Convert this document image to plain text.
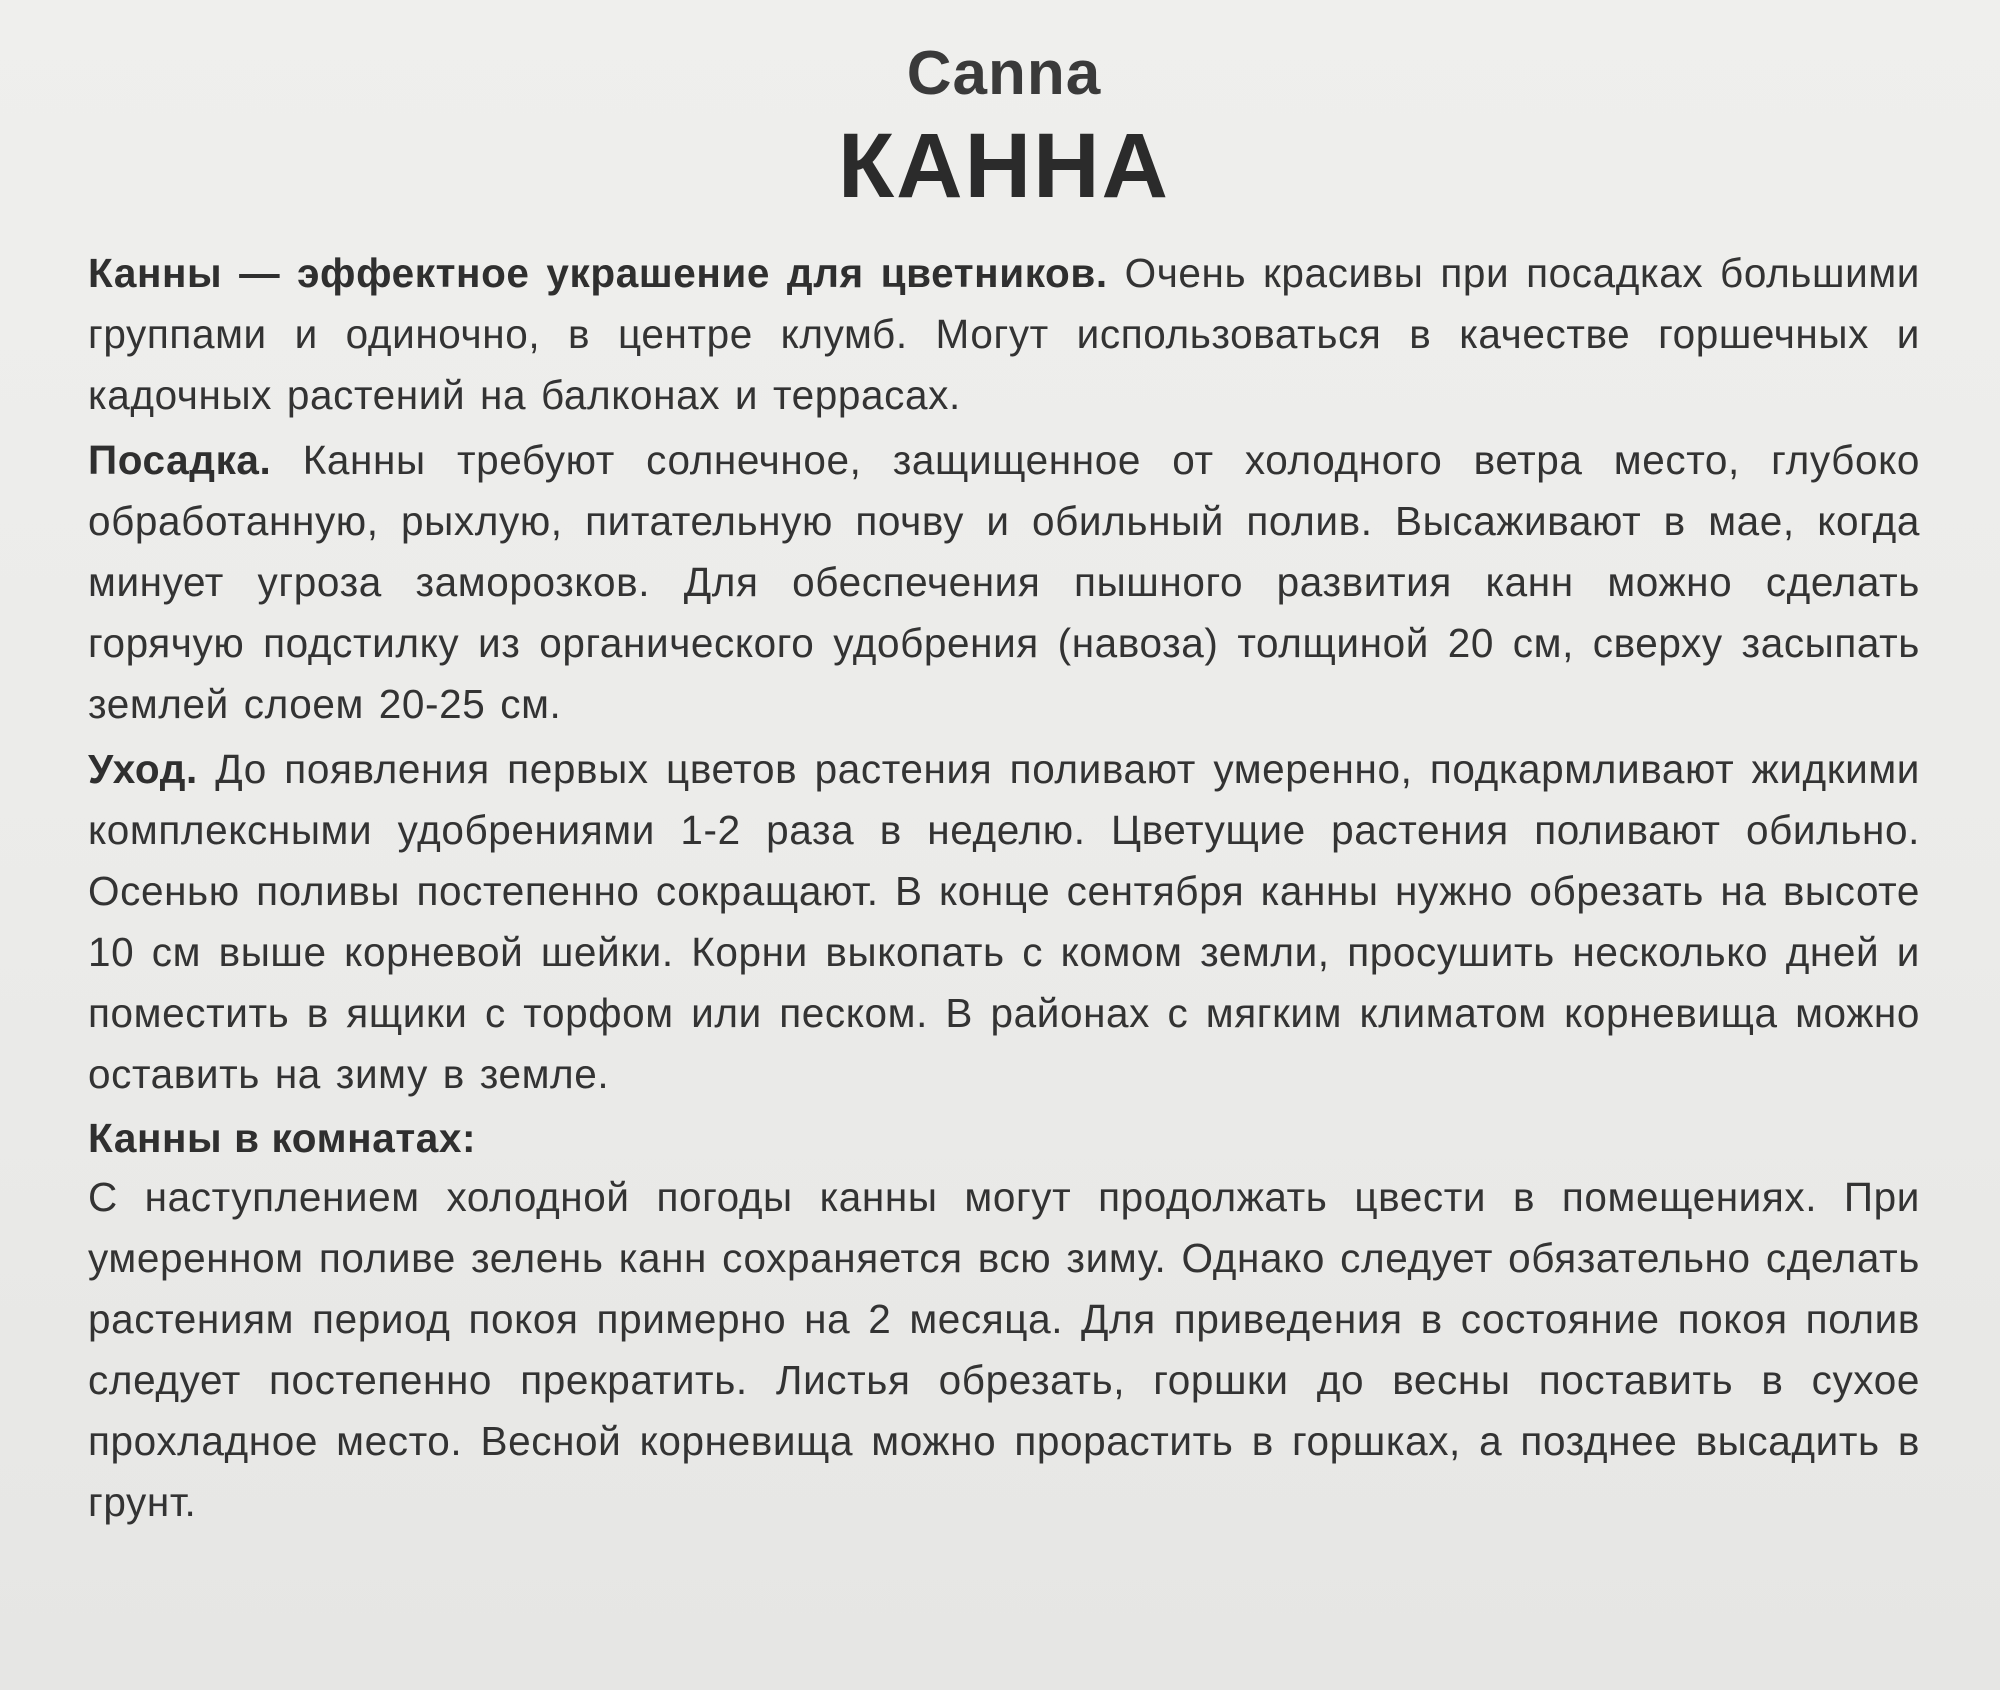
Canna
КАННА

Канны — эффектное украшение для цветников. Очень красивы при посадках большими группами и одиночно, в центре клумб. Могут использоваться в качестве горшечных и кадочных растений на балконах и террасах.

Посадка. Канны требуют солнечное, защищенное от холодного ветра место, глубоко обработанную, рыхлую, питательную почву и обильный полив. Высаживают в мае, когда минует угроза заморозков. Для обеспечения пышного развития канн можно сделать горячую подстилку из органического удобрения (навоза) толщиной 20 см, сверху засыпать землей слоем 20-25 см.

Уход. До появления первых цветов растения поливают умеренно, подкармливают жидкими комплексными удобрениями 1-2 раза в неделю. Цветущие растения поливают обильно. Осенью поливы постепенно сокращают. В конце сентября канны нужно обрезать на высоте 10 см выше корневой шейки. Корни выкопать с комом земли, просушить несколько дней и поместить в ящики с торфом или песком. В районах с мягким климатом корневища можно оставить на зиму в земле.

Канны в комнатах:

С наступлением холодной погоды канны могут продолжать цвести в помещениях. При умеренном поливе зелень канн сохраняется всю зиму. Однако следует обязательно сделать растениям период покоя примерно на 2 месяца. Для приведения в состояние покоя полив следует постепенно прекратить. Листья обрезать, горшки до весны поставить в сухое прохладное место. Весной корневища можно прорастить в горшках, а позднее высадить в грунт.
